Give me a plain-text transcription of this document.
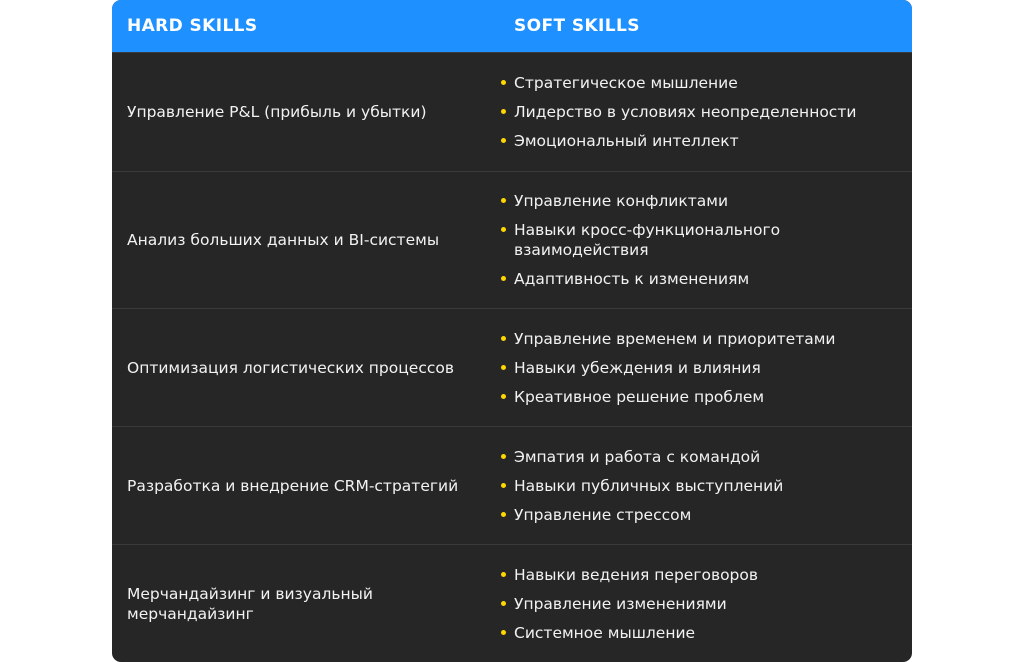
HARD SKILLS	SOFT SKILLS
Управление P&L (прибыль и убытки)
Стратегическое мышление
Лидерство в условиях неопределенности
Эмоциональный интеллект
Анализ больших данных и BI-системы
Управление конфликтами
Навыки кросс-функционального взаимодействия
Адаптивность к изменениям
Оптимизация логистических процессов
Управление временем и приоритетами
Навыки убеждения и влияния
Креативное решение проблем
Разработка и внедрение CRM-стратегий
Эмпатия и работа с командой
Навыки публичных выступлений
Управление стрессом
Мерчандайзинг и визуальный мерчандайзинг
Навыки ведения переговоров
Управление изменениями
Системное мышление
